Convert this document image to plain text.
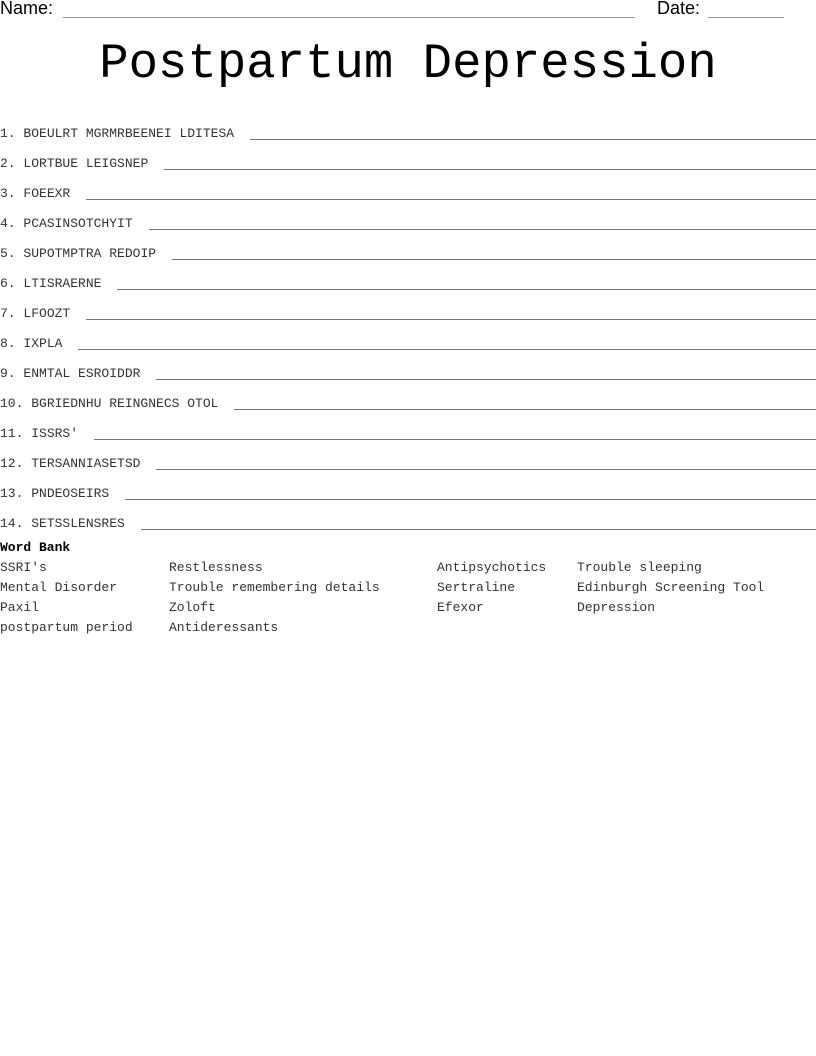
Name:	Date:
Postpartum Depression
1. BOEULRT MGRMRBEENEI LDITESA
2. LORTBUE LEIGSNEP
3. FOEEXR
4. PCASINSOTCHYIT
5. SUPOTMPTRA REDOIP
6. LTISRAERNE
7. LFOOZT
8. IXPLA
9. ENMTAL ESROIDDR
10. BGRIEDNHU REINGNECS OTOL
11. ISSRS'
12. TERSANNIASETSD
13. PNDEOSEIRS
14. SETSSLENSRES
Word Bank
SSRI's	Restlessness	Antipsychotics Trouble sleeping
Mental Disorder	Trouble remembering details	Sertraline	Edinburgh Screening Tool
Paxil	Zoloft	Efexor	Depression
postpartum period	Antideressants
